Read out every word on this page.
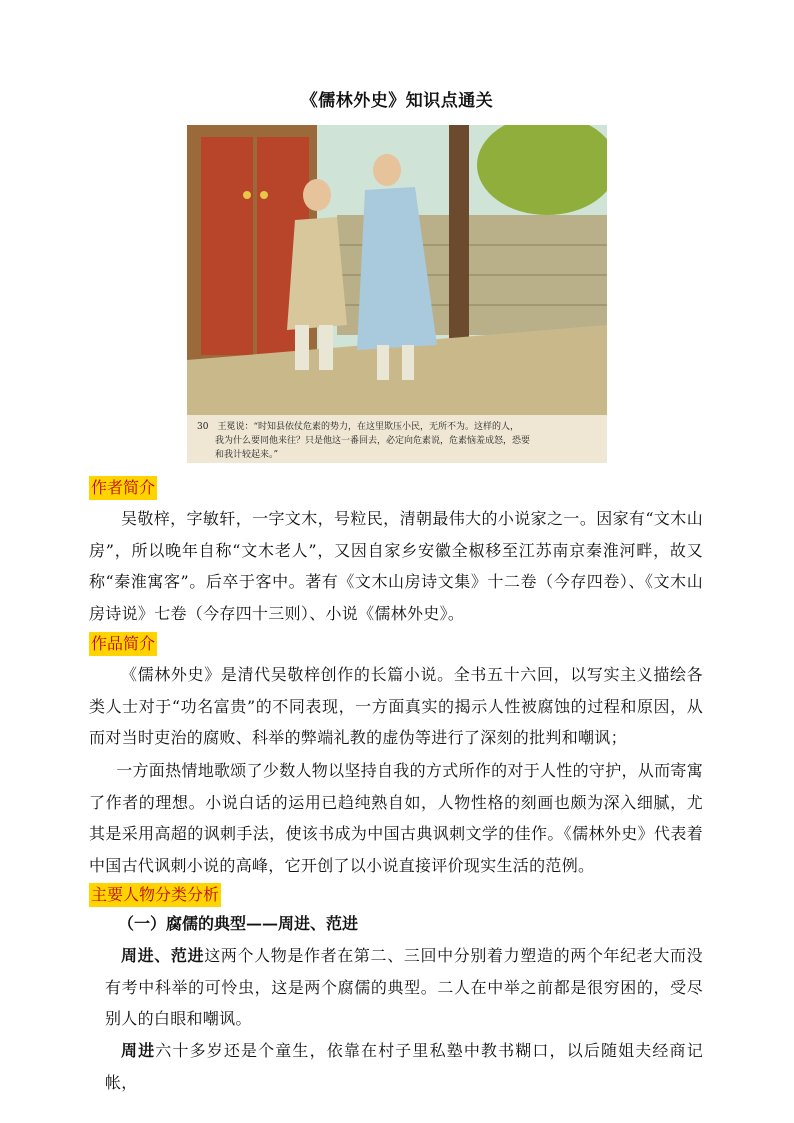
《儒林外史》知识点通关
30　王冕说：“时知县依仗危素的势力，在这里欺压小民，无所不为。这样的人，
我为什么要同他来往？只是他这一番回去，必定向危素说，危素恼羞成怒，恐要
和我计较起来。”
作者简介
吴敬梓，字敏轩，一字文木，号粒民，清朝最伟大的小说家之一。因家有“文木山房”，所以晚年自称“文木老人”，又因自家乡安徽全椒移至江苏南京秦淮河畔，故又称“秦淮寓客”。后卒于客中。著有《文木山房诗文集》十二卷（今存四卷）、《文木山房诗说》七卷（今存四十三则）、小说《儒林外史》。
作品简介
《儒林外史》是清代吴敬梓创作的长篇小说。全书五十六回，以写实主义描绘各类人士对于“功名富贵”的不同表现，一方面真实的揭示人性被腐蚀的过程和原因，从而对当时吏治的腐败、科举的弊端礼教的虚伪等进行了深刻的批判和嘲讽；
一方面热情地歌颂了少数人物以坚持自我的方式所作的对于人性的守护，从而寄寓了作者的理想。小说白话的运用已趋纯熟自如，人物性格的刻画也颇为深入细腻，尤其是采用高超的讽刺手法，使该书成为中国古典讽刺文学的佳作。《儒林外史》代表着中国古代讽刺小说的高峰，它开创了以小说直接评价现实生活的范例。
主要人物分类分析
（一）腐儒的典型——周进、范进
周进、范进这两个人物是作者在第二、三回中分别着力塑造的两个年纪老大而没有考中科举的可怜虫，这是两个腐儒的典型。二人在中举之前都是很穷困的，受尽别人的白眼和嘲讽。
周进六十多岁还是个童生，依靠在村子里私塾中教书糊口，以后随姐夫经商记帐，
